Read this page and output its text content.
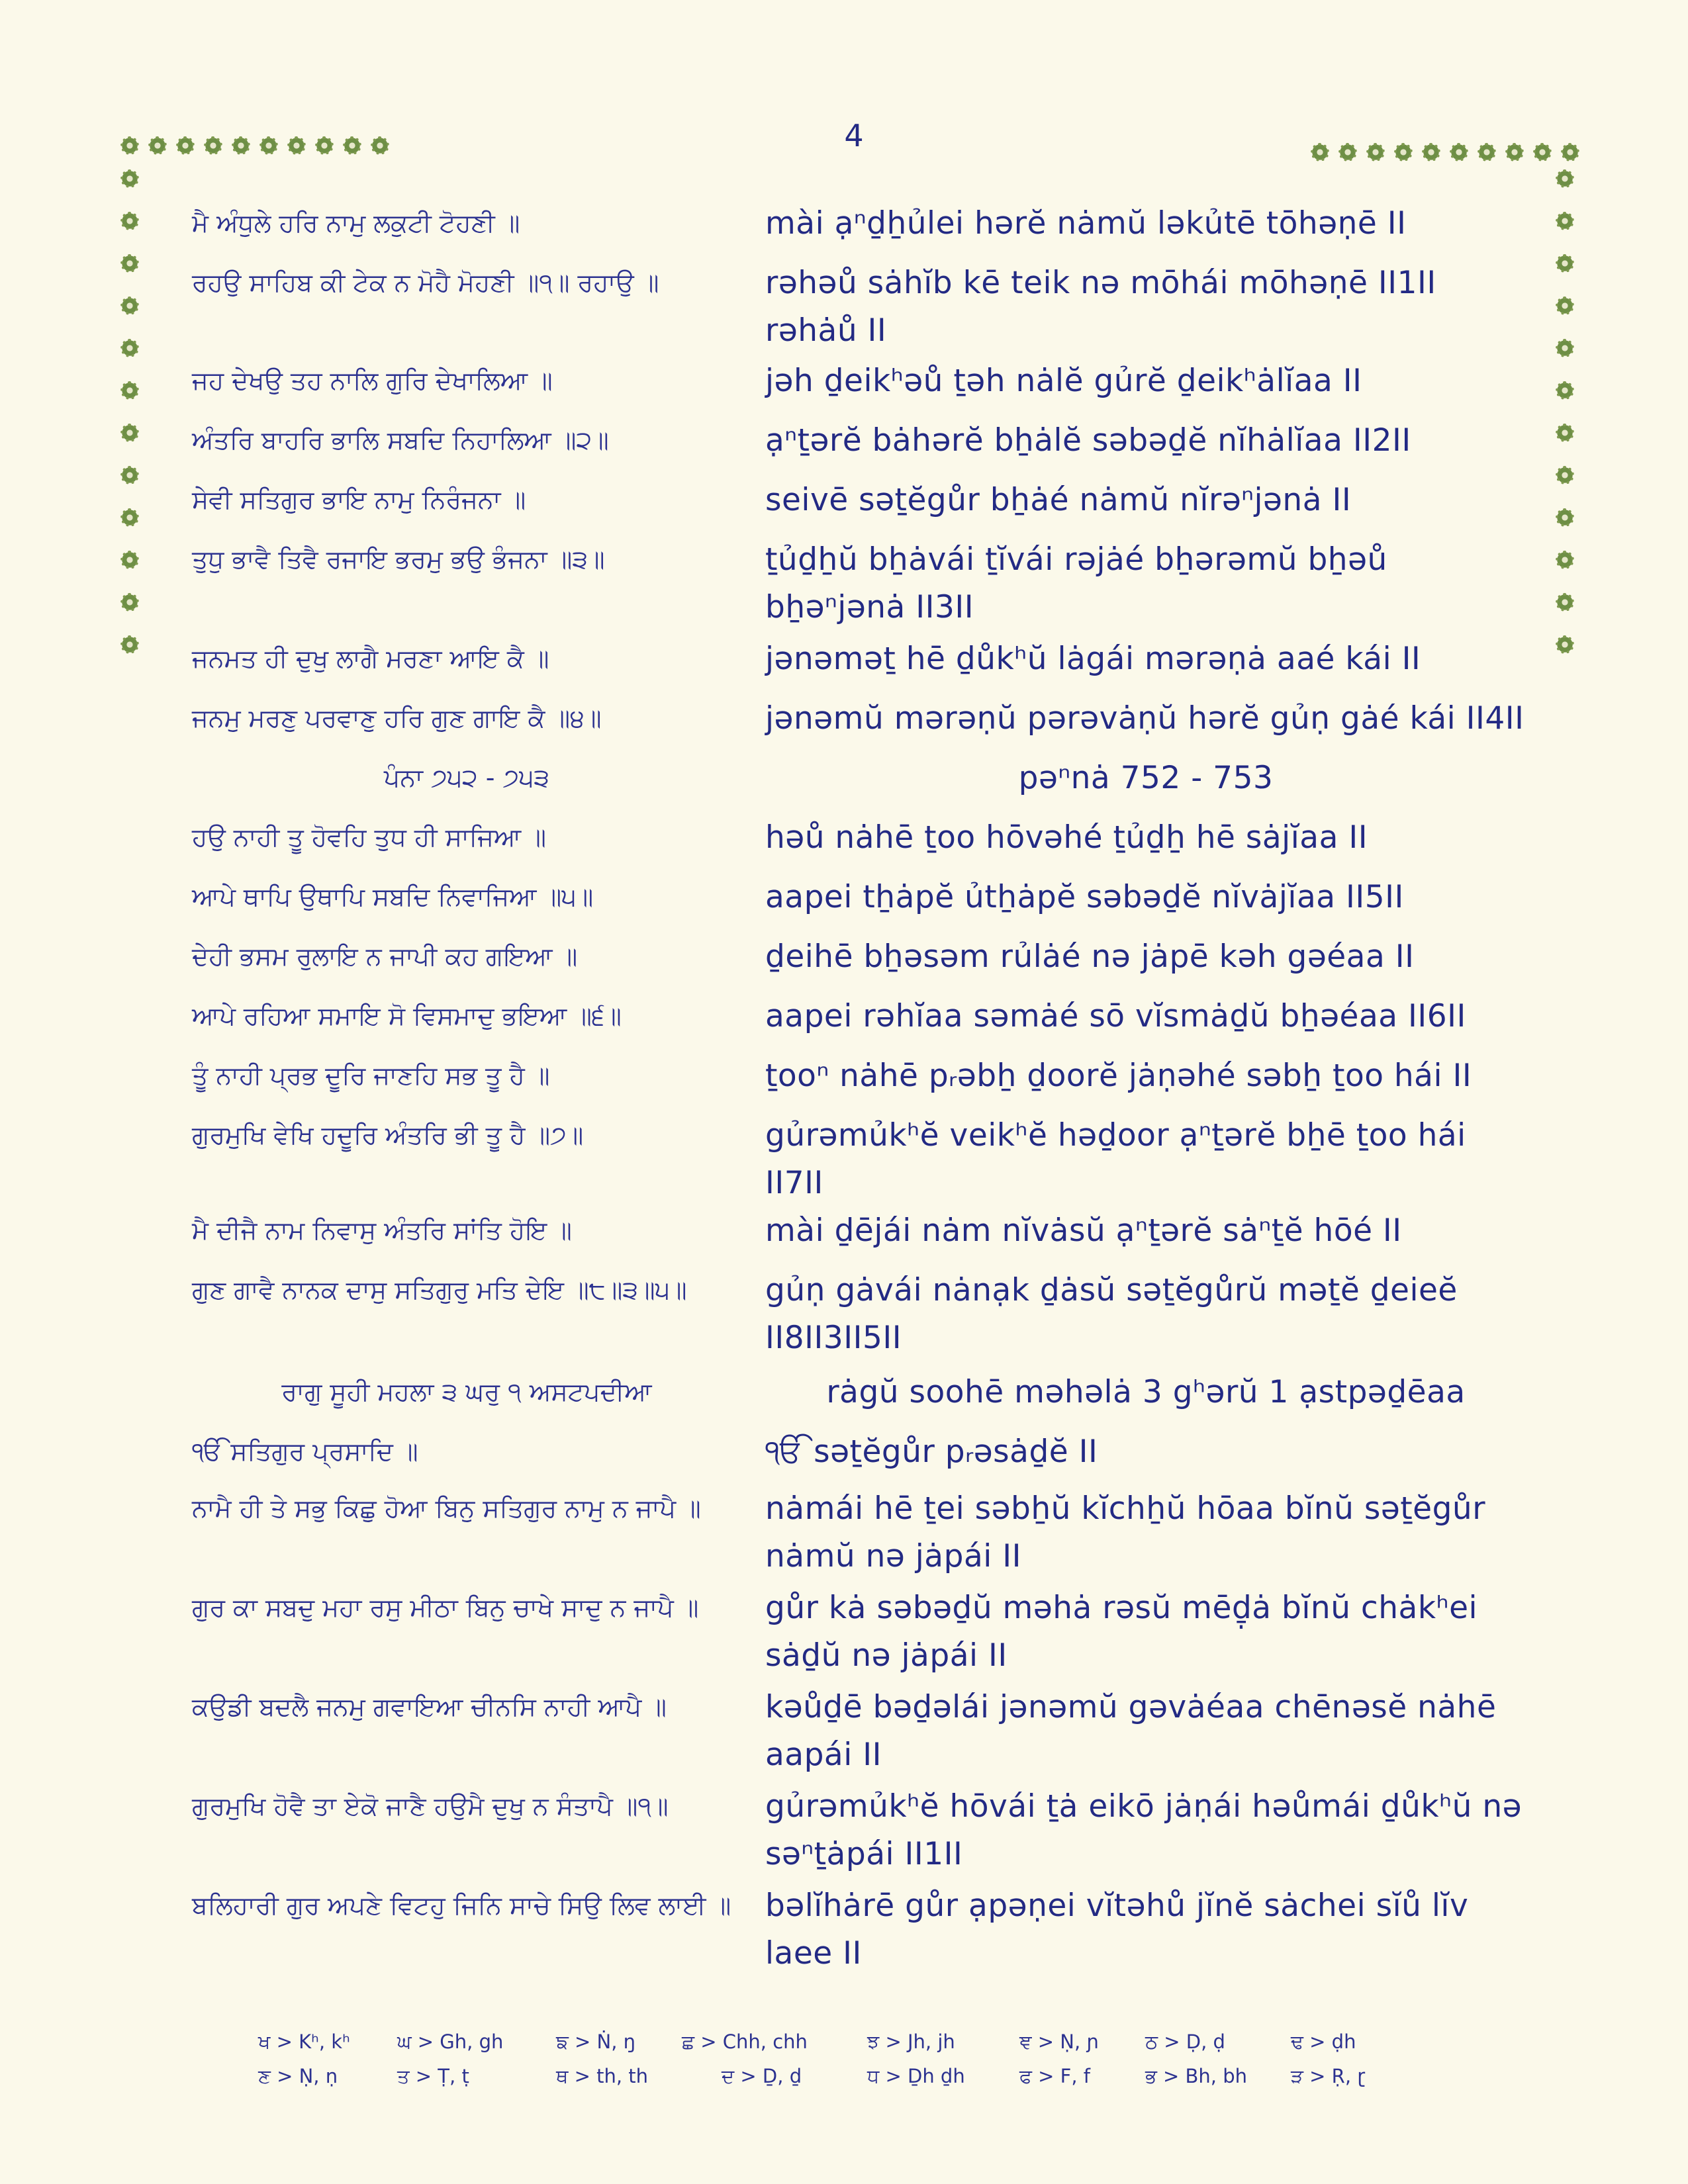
4
ਮੈ ਅੰਧੁਲੇ ਹਰਿ ਨਾਮੁ ਲਕੁਟੀ ਟੋਹਣੀ ॥	mài ạⁿḏẖủlei hərĕ nȧmŭ ləkủtē tōhəṇē II
ਰਹਉ ਸਾਹਿਬ ਕੀ ਟੇਕ ਨ ਮੋਹੈ ਮੋਹਣੀ ॥੧॥ ਰਹਾਉ ॥	rəhəů sȧhĭb kē teik nə mōhái mōhəṇē II1II rəhȧů II
ਜਹ ਦੇਖਉ ਤਹ ਨਾਲਿ ਗੁਰਿ ਦੇਖਾਲਿਆ ॥	jəh ḏeikʰəů ṯəh nȧlĕ gủrĕ ḏeikʰȧlĭaa II
ਅੰਤਰਿ ਬਾਹਰਿ ਭਾਲਿ ਸਬਦਿ ਨਿਹਾਲਿਆ ॥੨॥	ạⁿṯərĕ bȧhərĕ bẖȧlĕ səbəḏĕ nĭhȧlĭaa II2II
ਸੇਵੀ ਸਤਿਗੁਰ ਭਾਇ ਨਾਮੁ ਨਿਰੰਜਨਾ ॥	seivē səṯĕgůr bẖȧé nȧmŭ nĭrəⁿjənȧ II
ਤੁਧੁ ਭਾਵੈ ਤਿਵੈ ਰਜਾਇ ਭਰਮੁ ਭਉ ਭੰਜਨਾ ॥੩॥	ṯủḏẖŭ bẖȧvái ṯĭvái rəjȧé bẖərəmŭ bẖəů bẖəⁿjənȧ II3II
ਜਨਮਤ ਹੀ ਦੁਖੁ ਲਾਗੈ ਮਰਣਾ ਆਇ ਕੈ ॥	jənəməṯ hē ḏůkʰŭ lȧgái mərəṇȧ aaé kái II
ਜਨਮੁ ਮਰਣੁ ਪਰਵਾਣੁ ਹਰਿ ਗੁਣ ਗਾਇ ਕੈ ॥੪॥	jənəmŭ mərəṇŭ pərəvȧṇŭ hərĕ gủṇ gȧé kái II4II
ਪੰਨਾ ੭੫੨ - ੭੫੩	pəⁿnȧ 752 - 753
ਹਉ ਨਾਹੀ ਤੂ ਹੋਵਹਿ ਤੁਧ ਹੀ ਸਾਜਿਆ ॥	həů nȧhē ṯoo hōvəhé ṯủḏẖ hē sȧjĭaa II
ਆਪੇ ਥਾਪਿ ਉਥਾਪਿ ਸਬਦਿ ਨਿਵਾਜਿਆ ॥੫॥	aapei tẖȧpĕ ủtẖȧpĕ səbəḏĕ nĭvȧjĭaa II5II
ਦੇਹੀ ਭਸਮ ਰੁਲਾਇ ਨ ਜਾਪੀ ਕਹ ਗਇਆ ॥	ḏeihē bẖəsəm rủlȧé nə jȧpē kəh gəéaa II
ਆਪੇ ਰਹਿਆ ਸਮਾਇ ਸੋ ਵਿਸਮਾਦੁ ਭਇਆ ॥੬॥	aapei rəhĭaa səmȧé sō vĭsmȧḏŭ bẖəéaa II6II
ਤੂੰ ਨਾਹੀ ਪ੍ਰਭ ਦੂਰਿ ਜਾਣਹਿ ਸਭ ਤੂ ਹੈ ॥	ṯooⁿ nȧhē pᵣəbẖ ḏoorĕ jȧṇəhé səbẖ ṯoo hái II
ਗੁਰਮੁਖਿ ਵੇਖਿ ਹਦੂਰਿ ਅੰਤਰਿ ਭੀ ਤੂ ਹੈ ॥੭॥	gủrəmủkʰĕ veikʰĕ həḏoor ạⁿṯərĕ bẖē ṯoo hái II7II
ਮੈ ਦੀਜੈ ਨਾਮ ਨਿਵਾਸੁ ਅੰਤਰਿ ਸਾਂਤਿ ਹੋਇ ॥	mài ḏējái nȧm nĭvȧsŭ ạⁿṯərĕ sȧⁿṯĕ hōé II
ਗੁਣ ਗਾਵੈ ਨਾਨਕ ਦਾਸੁ ਸਤਿਗੁਰੁ ਮਤਿ ਦੇਇ ॥੮॥੩॥੫॥	gủṇ gȧvái nȧnạk ḏȧsŭ səṯĕgůrŭ məṯĕ ḏeieĕ II8II3II5II
ਰਾਗੁ ਸੂਹੀ ਮਹਲਾ ੩ ਘਰੁ ੧ ਅਸਟਪਦੀਆ	rȧgŭ soohē məhəlȧ 3 gʰərŭ 1 ạstpəḏēaa
ੴ ਸਤਿਗੁਰ ਪ੍ਰਸਾਦਿ ॥	ੴ səṯĕgůr pᵣəsȧḏĕ II
ਨਾਮੈ ਹੀ ਤੇ ਸਭੁ ਕਿਛੁ ਹੋਆ ਬਿਨੁ ਸਤਿਗੁਰ ਨਾਮੁ ਨ ਜਾਪੈ ॥	nȧmái hē ṯei səbẖŭ kĭchẖŭ hōaa bĭnŭ səṯĕgůr nȧmŭ nə jȧpái II
ਗੁਰ ਕਾ ਸਬਦੁ ਮਹਾ ਰਸੁ ਮੀਠਾ ਬਿਨੁ ਚਾਖੇ ਸਾਦੁ ਨ ਜਾਪੈ ॥	gůr kȧ səbəḏŭ məhȧ rəsŭ mēḏ̣ȧ bĭnŭ chȧkʰei sȧḏŭ nə jȧpái II
ਕਉਡੀ ਬਦਲੈ ਜਨਮੁ ਗਵਾਇਆ ਚੀਨਸਿ ਨਾਹੀ ਆਪੈ ॥	kəůḏē bəḏəlái jənəmŭ gəvȧéaa chēnəsĕ nȧhē aapái II
ਗੁਰਮੁਖਿ ਹੋਵੈ ਤਾ ਏਕੋ ਜਾਣੈ ਹਉਮੈ ਦੁਖੁ ਨ ਸੰਤਾਪੈ ॥੧॥	gủrəmủkʰĕ hōvái ṯȧ eikō jȧṇái həůmái ḏůkʰŭ nə səⁿṯȧpái II1II
ਬਲਿਹਾਰੀ ਗੁਰ ਅਪਣੇ ਵਿਟਹੁ ਜਿਨਿ ਸਾਚੇ ਸਿਉ ਲਿਵ ਲਾਈ ॥	bəlĭhȧrē gůr ạpəṇei vĭtəhů jĭnĕ sȧchei sĭů lĭv laee II
ਖ > Kʰ, kʰ ਘ > Gh, gh	ਙ > Ṅ, ŋ ਛ > Chh, chh	ਝ > Jh, jh	ਞ > Ṇ, ɲ ਠ > Ḍ, ḍ	ਢ > ḍh
ਣ > Ṇ, ṇ	ਤ > Ṭ, ṭ	ਥ > th, th	ਦ > Ḏ, ḏ	ਧ > Ḏh ḏh	ਫ > F, f	ਭ > Bh, bh ੜ > Ṛ, ɽ
